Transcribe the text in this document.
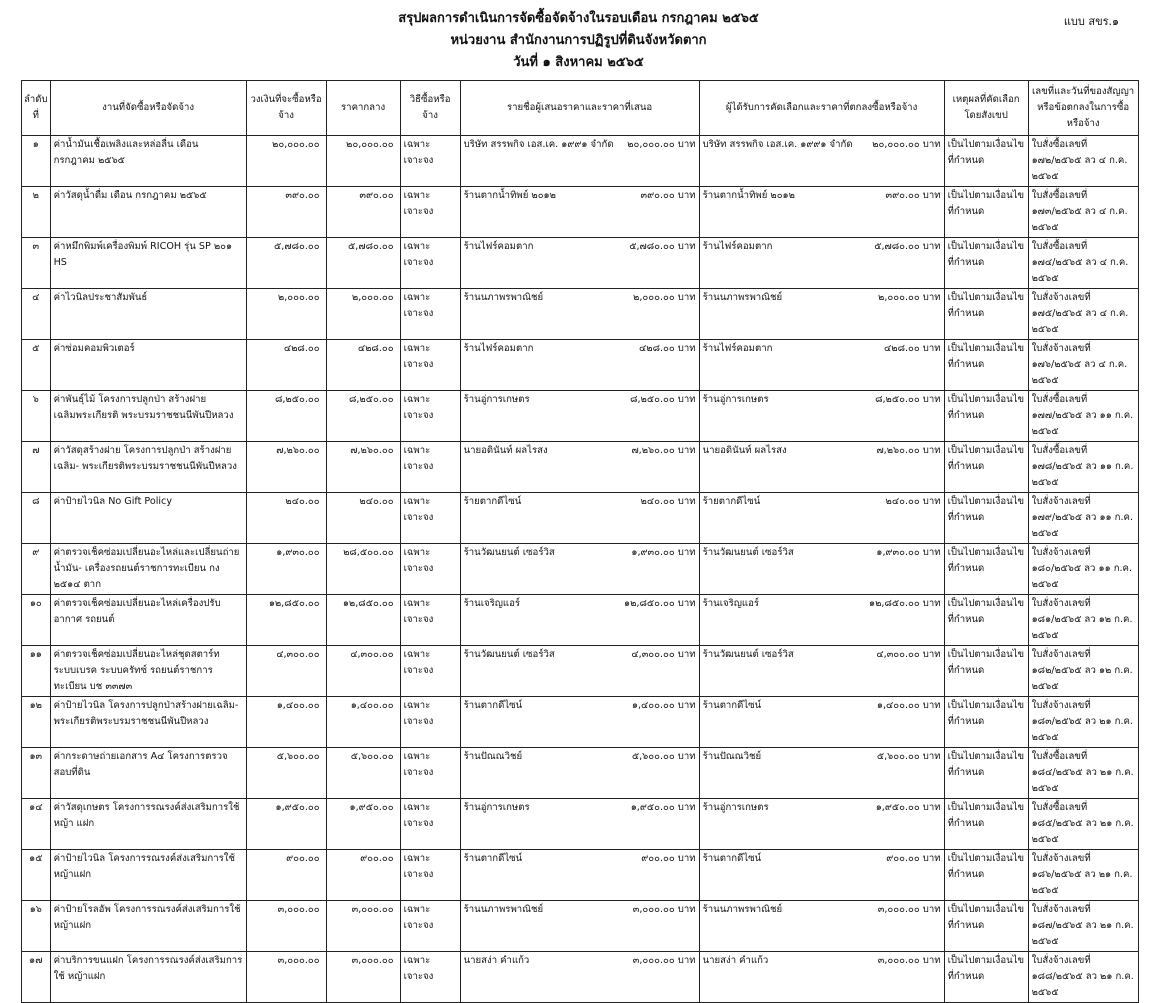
สรุปผลการดำเนินการจัดซื้อจัดจ้างในรอบเดือน กรกฎาคม ๒๕๖๕
หน่วยงาน สำนักงานการปฏิรูปที่ดินจังหวัดตาก
วันที่ ๑ สิงหาคม ๒๕๖๕
แบบ สขร.๑
ลำดับที่	งานที่จัดซื้อหรือจัดจ้าง	วงเงินที่จะซื้อหรือจ้าง	ราคากลาง	วิธีซื้อหรือจ้าง	รายชื่อผู้เสนอราคาและราคาที่เสนอ	ผู้ได้รับการคัดเลือกและราคาที่ตกลงซื้อหรือจ้าง	เหตุผลที่คัดเลือกโดยสังเขป	เลขที่และวันที่ของสัญญาหรือข้อตกลงในการซื้อหรือจ้าง
๑	ค่าน้ำมันเชื้อเพลิงและหล่อลื่น เดือน กรกฎาคม ๒๕๖๕	๒๐,๐๐๐.๐๐	๒๐,๐๐๐.๐๐	เฉพาะเจาะจง	บริษัท สรรพกิจ เอส.เค. ๑๙๙๑ จำกัด ๒๐,๐๐๐.๐๐ บาท	บริษัท สรรพกิจ เอส.เค. ๑๙๙๑ จำกัด ๒๐,๐๐๐.๐๐ บาท	เป็นไปตามเงื่อนไขที่กำหนด	ใบสั่งซื้อเลขที่ ๑๗๒/๒๕๖๕ ลว ๔ ก.ค. ๒๕๖๕
๒	ค่าวัสดุน้ำดื่ม เดือน กรกฎาคม ๒๕๖๕	๓๙๐.๐๐	๓๙๐.๐๐	เฉพาะเจาะจง	ร้านตากน้ำทิพย์ ๒๐๑๒ ๓๙๐.๐๐ บาท	ร้านตากน้ำทิพย์ ๒๐๑๒ ๓๙๐.๐๐ บาท	เป็นไปตามเงื่อนไขที่กำหนด	ใบสั่งซื้อเลขที่ ๑๗๓/๒๕๖๕ ลว ๔ ก.ค. ๒๕๖๕
๓	ค่าหมึกพิมพ์เครื่องพิมพ์ RICOH รุ่น SP ๒๐๑ HS	๕,๗๘๐.๐๐	๕,๗๘๐.๐๐	เฉพาะเจาะจง	ร้านไฟร์คอมตาก ๕,๗๘๐.๐๐ บาท	ร้านไฟร์คอมตาก ๕,๗๘๐.๐๐ บาท	เป็นไปตามเงื่อนไขที่กำหนด	ใบสั่งซื้อเลขที่ ๑๗๔/๒๕๖๕ ลว ๔ ก.ค. ๒๕๖๕
๔	ค่าไวนิลประชาสัมพันธ์	๒,๐๐๐.๐๐	๒,๐๐๐.๐๐	เฉพาะเจาะจง	ร้านนภาพรพาณิชย์ ๒,๐๐๐.๐๐ บาท	ร้านนภาพรพาณิชย์ ๒,๐๐๐.๐๐ บาท	เป็นไปตามเงื่อนไขที่กำหนด	ใบสั่งจ้างเลขที่ ๑๗๕/๒๕๖๕ ลว ๔ ก.ค. ๒๕๖๕
๕	ค่าซ่อมคอมพิวเตอร์	๔๒๘.๐๐	๔๒๘.๐๐	เฉพาะเจาะจง	ร้านไฟร์คอมตาก ๔๒๘.๐๐ บาท	ร้านไฟร์คอมตาก ๔๒๘.๐๐ บาท	เป็นไปตามเงื่อนไขที่กำหนด	ใบสั่งจ้างเลขที่ ๑๗๖/๒๕๖๕ ลว ๔ ก.ค. ๒๕๖๕
๖	ค่าพันธุ์ไม้ โครงการปลูกป่า สร้างฝายเฉลิมพระเกียรติ พระบรมราชชนนีพันปีหลวง	๘,๒๕๐.๐๐	๘,๒๕๐.๐๐	เฉพาะเจาะจง	ร้านอู่การเกษตร ๘,๒๕๐.๐๐ บาท	ร้านอู่การเกษตร ๘,๒๕๐.๐๐ บาท	เป็นไปตามเงื่อนไขที่กำหนด	ใบสั่งซื้อเลขที่ ๑๗๗/๒๕๖๕ ลว ๑๑ ก.ค. ๒๕๖๕
๗	ค่าวัสดุสร้างฝาย โครงการปลูกป่า สร้างฝายเฉลิม- พระเกียรติพระบรมราชชนนีพันปีหลวง	๗,๒๖๐.๐๐	๗,๒๖๐.๐๐	เฉพาะเจาะจง	นายอดินันท์ ผลไรสง ๗,๒๖๐.๐๐ บาท	นายอดินันท์ ผลไรสง ๗,๒๖๐.๐๐ บาท	เป็นไปตามเงื่อนไขที่กำหนด	ใบสั่งซื้อเลขที่ ๑๗๘/๒๕๖๕ ลว ๑๑ ก.ค. ๒๕๖๕
๘	ค่าป้ายไวนิล No Gift Policy	๒๔๐.๐๐	๒๔๐.๐๐	เฉพาะเจาะจง	ร้ายตากดีไซน์ ๒๔๐.๐๐ บาท	ร้ายตากดีไซน์ ๒๔๐.๐๐ บาท	เป็นไปตามเงื่อนไขที่กำหนด	ใบสั่งจ้างเลขที่ ๑๗๙/๒๕๖๕ ลว ๑๑ ก.ค. ๒๕๖๕
๙	ค่าตรวจเช็คซ่อมเปลี่ยนอะไหล่และเปลี่ยนถ่ายน้ำมัน- เครื่องรถยนต์ราชการทะเบียน กง ๒๕๑๔ ตาก	๑,๙๓๐.๐๐	๒๘,๕๐๐.๐๐	เฉพาะเจาะจง	ร้านวัฒนยนต์ เซอร์วิส ๑,๙๓๐.๐๐ บาท	ร้านวัฒนยนต์ เซอร์วิส ๑,๙๓๐.๐๐ บาท	เป็นไปตามเงื่อนไขที่กำหนด	ใบสั่งจ้างเลขที่ ๑๘๐/๒๕๖๕ ลว ๑๑ ก.ค. ๒๕๖๕
๑๐	ค่าตรวจเช็คซ่อมเปลี่ยนอะไหล่เครื่องปรับอากาศ รถยนต์	๑๒,๘๕๐.๐๐	๑๒,๘๕๐.๐๐	เฉพาะเจาะจง	ร้านเจริญแอร์ ๑๒,๘๕๐.๐๐ บาท	ร้านเจริญแอร์ ๑๒,๘๕๐.๐๐ บาท	เป็นไปตามเงื่อนไขที่กำหนด	ใบสั่งจ้างเลขที่ ๑๘๑/๒๕๖๕ ลว ๑๒ ก.ค. ๒๕๖๕
๑๑	ค่าตรวจเช็คซ่อมเปลี่ยนอะไหล่ชุดสตาร์ท ระบบเบรค ระบบครัทซ์ รถยนต์ราชการทะเบียน บช ๓๓๗๓	๔,๓๐๐.๐๐	๔,๓๐๐.๐๐	เฉพาะเจาะจง	ร้านวัฒนยนต์ เซอร์วิส ๔,๓๐๐.๐๐ บาท	ร้านวัฒนยนต์ เซอร์วิส ๔,๓๐๐.๐๐ บาท	เป็นไปตามเงื่อนไขที่กำหนด	ใบสั่งจ้างเลขที่ ๑๘๒/๒๕๖๕ ลว ๑๒ ก.ค. ๒๕๖๕
๑๒	ค่าป้ายไวนิล โครงการปลูกป่าสร้างฝายเฉลิม- พระเกียรติพระบรมราชชนนีพันปีหลวง	๑,๔๐๐.๐๐	๑,๔๐๐.๐๐	เฉพาะเจาะจง	ร้านตากดีไซน์ ๑,๔๐๐.๐๐ บาท	ร้านตากดีไซน์ ๑,๔๐๐.๐๐ บาท	เป็นไปตามเงื่อนไขที่กำหนด	ใบสั่งจ้างเลขที่ ๑๘๓/๒๕๖๕ ลว ๒๑ ก.ค. ๒๕๖๕
๑๓	ค่ากระดาษถ่ายเอกสาร A๔ โครงการตรวจสอบที่ดิน	๕,๖๐๐.๐๐	๕,๖๐๐.๐๐	เฉพาะเจาะจง	ร้านปัณณวิชย์ ๕,๖๐๐.๐๐ บาท	ร้านปัณณวิชย์ ๕,๖๐๐.๐๐ บาท	เป็นไปตามเงื่อนไขที่กำหนด	ใบสั่งซื้อเลขที่ ๑๘๔/๒๕๖๕ ลว ๒๑ ก.ค. ๒๕๖๕
๑๔	ค่าวัสดุเกษตร โครงการรณรงค์ส่งเสริมการใช้หญ้า แฝก	๑,๙๕๐.๐๐	๑,๙๕๐.๐๐	เฉพาะเจาะจง	ร้านอู่การเกษตร ๑,๙๕๐.๐๐ บาท	ร้านอู่การเกษตร ๑,๙๕๐.๐๐ บาท	เป็นไปตามเงื่อนไขที่กำหนด	ใบสั่งซื้อเลขที่ ๑๘๕/๒๕๖๕ ลว ๒๑ ก.ค. ๒๕๖๕
๑๕	ค่าป้ายไวนิล โครงการรณรงค์ส่งเสริมการใช้หญ้าแฝก	๙๐๐.๐๐	๙๐๐.๐๐	เฉพาะเจาะจง	ร้านตากดีไซน์ ๙๐๐.๐๐ บาท	ร้านตากดีไซน์ ๙๐๐.๐๐ บาท	เป็นไปตามเงื่อนไขที่กำหนด	ใบสั่งจ้างเลขที่ ๑๘๖/๒๕๖๕ ลว ๒๑ ก.ค. ๒๕๖๕
๑๖	ค่าป้ายโรลอัพ โครงการรณรงค์ส่งเสริมการใช้หญ้าแฝก	๓,๐๐๐.๐๐	๓,๐๐๐.๐๐	เฉพาะเจาะจง	ร้านนภาพรพาณิชย์ ๓,๐๐๐.๐๐ บาท	ร้านนภาพรพาณิชย์ ๓,๐๐๐.๐๐ บาท	เป็นไปตามเงื่อนไขที่กำหนด	ใบสั่งจ้างเลขที่ ๑๘๗/๒๕๖๕ ลว ๒๑ ก.ค. ๒๕๖๕
๑๗	ค่าบริการขนแฝก โครงการรณรงค์ส่งเสริมการใช้ หญ้าแฝก	๓,๐๐๐.๐๐	๓,๐๐๐.๐๐	เฉพาะเจาะจง	นายสง่า คำแก้ว ๓,๐๐๐.๐๐ บาท	นายสง่า คำแก้ว ๓,๐๐๐.๐๐ บาท	เป็นไปตามเงื่อนไขที่กำหนด	ใบสั่งจ้างเลขที่ ๑๘๘/๒๕๖๕ ลว ๒๑ ก.ค. ๒๕๖๕
